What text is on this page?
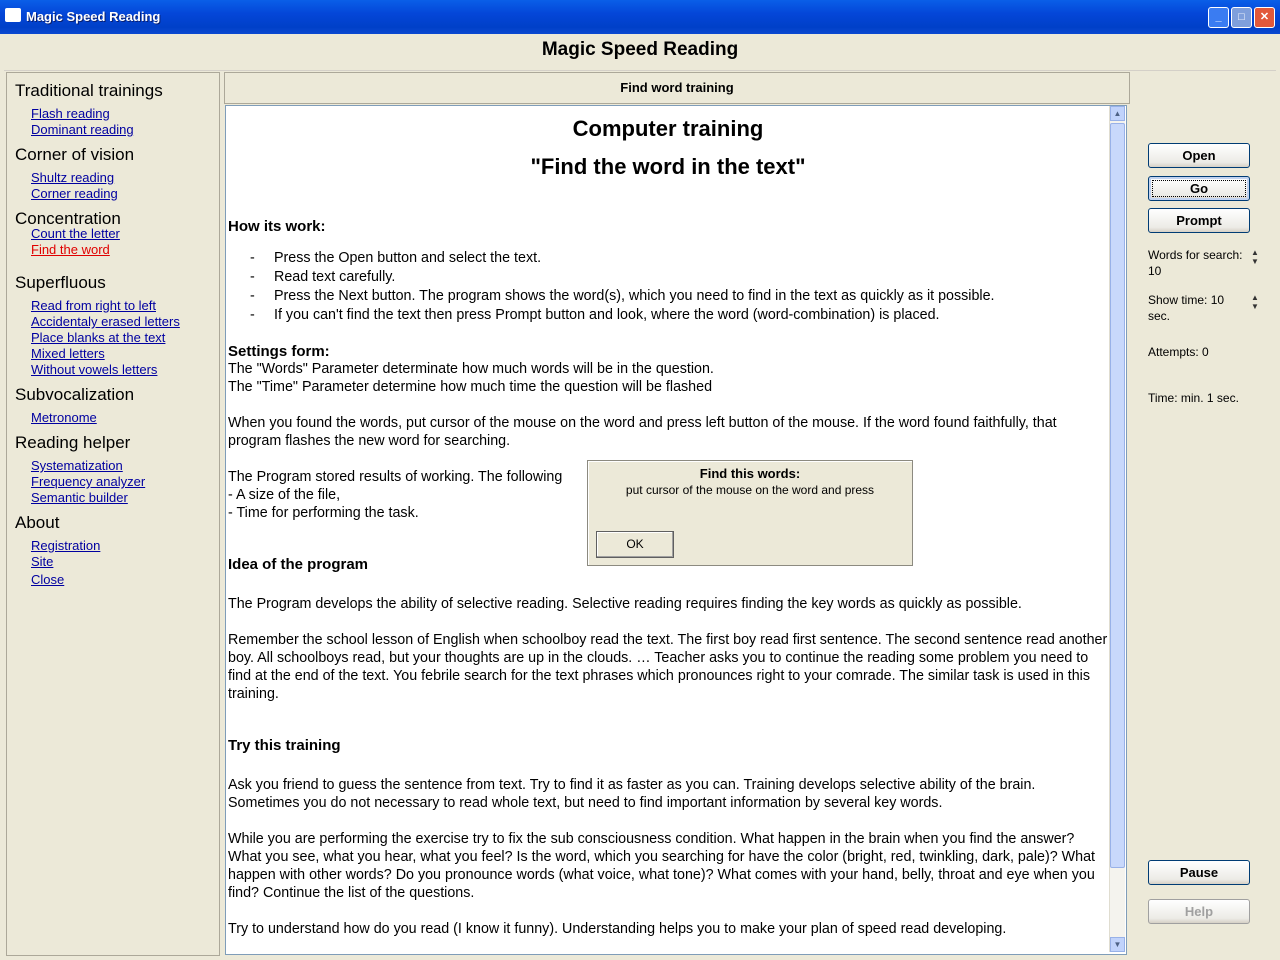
Magic Speed Reading	_	□	✕
Magic Speed Reading
Traditional trainings
Flash reading
Dominant reading
Corner of vision
Shultz reading
Corner reading
Concentration
Count the letter
Find the word
Superfluous
Read from right to left
Accidentaly erased letters
Place blanks at the text
Mixed letters
Without vowels letters
Subvocalization
Metronome
Reading helper
Systematization
Frequency analyzer
Semantic builder
About
Registration
Site
Close
Find word training
Computer training
"Find the word in the text"
How its work:
- Press the Open button and select the text.
- Read text carefully.
- Press the Next button. The program shows the word(s), which you need to find in the text as quickly as it possible.
- If you can't find the text then press Prompt button and look, where the word (word-combination) is placed.
Settings form:
The "Words" Parameter determinate how much words will be in the question.
The "Time" Parameter determine how much time the question will be flashed
When you found the words, put cursor of the mouse on the word and press left button of the mouse. If the word found faithfully, that program flashes the new word for searching.
The Program stored results of working. The following
- A size of the file,
- Time for performing the task.
Idea of the program
The Program develops the ability of selective reading. Selective reading requires finding the key words as quickly as possible.
Remember the school lesson of English when schoolboy read the text. The first boy read first sentence. The second sentence read another boy. All schoolboys read, but your thoughts are up in the clouds. … Teacher asks you to continue the reading some problem you need to find at the end of the text. You febrile search for the text phrases which pronounces right to your comrade. The similar task is used in this training.
Try this training
Ask you friend to guess the sentence from text. Try to find it as faster as you can. Training develops selective ability of the brain. Sometimes you do not necessary to read whole text, but need to find important information by several key words.
While you are performing the exercise try to fix the sub consciousness condition. What happen in the brain when you find the answer? What you see, what you hear, what you feel? Is the word, which you searching for have the color (bright, red, twinkling, dark, pale)? What happen with other words? Do you pronounce words (what voice, what tone)? What comes with your hand, belly, throat and eye when you find? Continue the list of the questions.
Try to understand how do you read (I know it funny). Understanding helps you to make your plan of speed read developing.
▲
▼
Open
Go
Prompt
Words for search: 10
▲
▼
Show time: 10 sec.
▲
▼
Attempts: 0
Time: min. 1 sec.
Pause
Help
Find this words:
put cursor of the mouse on the word and press
OK
